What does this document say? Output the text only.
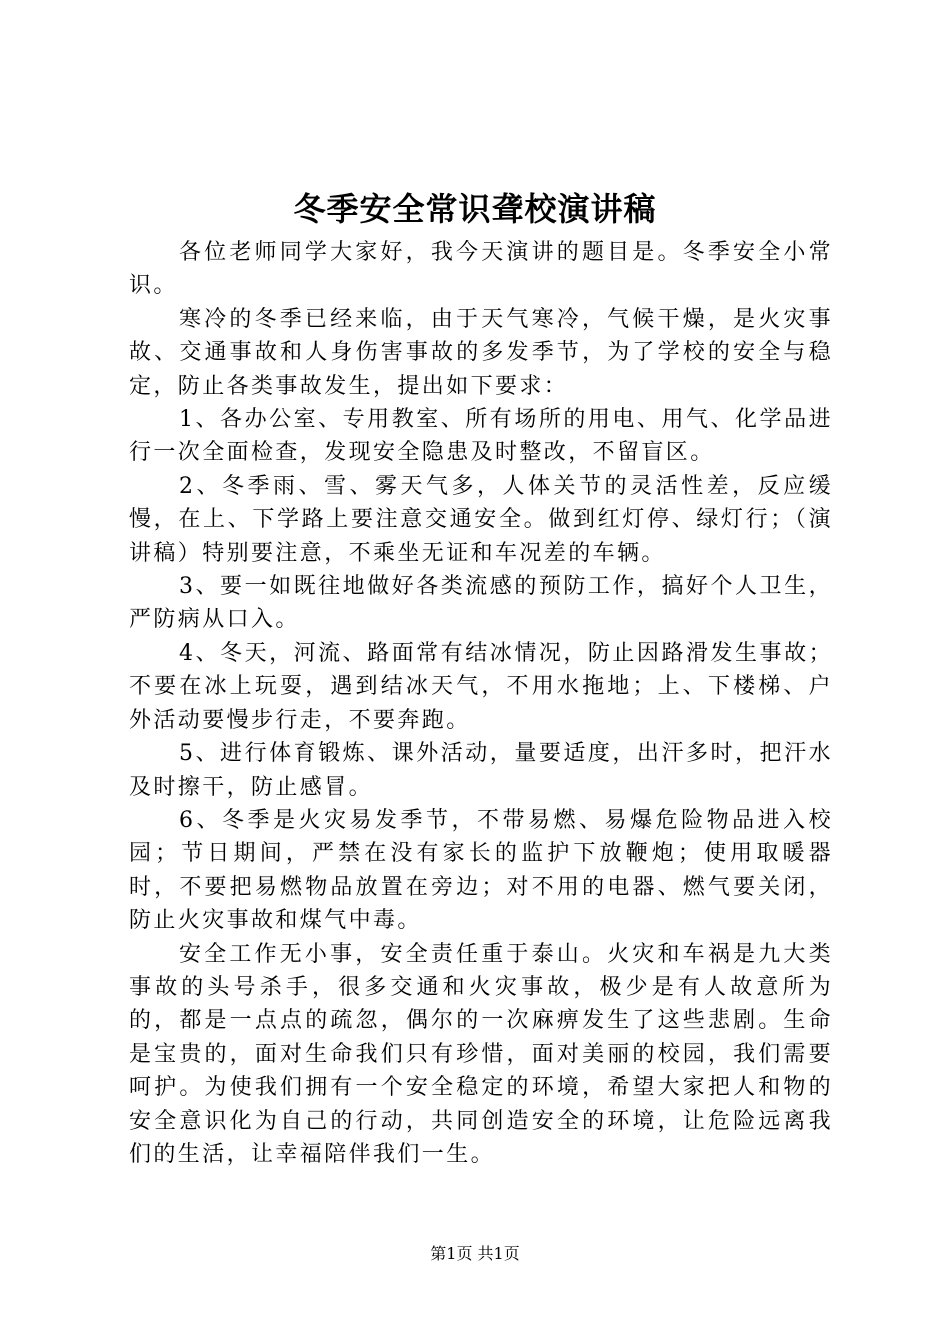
冬季安全常识聋校演讲稿

各位老师同学大家好，我今天演讲的题目是。冬季安全小常识。

寒冷的冬季已经来临，由于天气寒冷，气候干燥，是火灾事故、交通事故和人身伤害事故的多发季节，为了学校的安全与稳定，防止各类事故发生，提出如下要求：

1、各办公室、专用教室、所有场所的用电、用气、化学品进行一次全面检查，发现安全隐患及时整改，不留盲区。

2、冬季雨、雪、雾天气多，人体关节的灵活性差，反应缓慢，在上、下学路上要注意交通安全。做到红灯停、绿灯行；（演讲稿）特别要注意，不乘坐无证和车况差的车辆。

3、要一如既往地做好各类流感的预防工作，搞好个人卫生，严防病从口入。

4、冬天，河流、路面常有结冰情况，防止因路滑发生事故；不要在冰上玩耍，遇到结冰天气，不用水拖地；上、下楼梯、户外活动要慢步行走，不要奔跑。

5、进行体育锻炼、课外活动，量要适度，出汗多时，把汗水及时擦干，防止感冒。

6、冬季是火灾易发季节，不带易燃、易爆危险物品进入校园；节日期间，严禁在没有家长的监护下放鞭炮；使用取暖器时，不要把易燃物品放置在旁边；对不用的电器、燃气要关闭，防止火灾事故和煤气中毒。

安全工作无小事，安全责任重于泰山。火灾和车祸是九大类事故的头号杀手，很多交通和火灾事故，极少是有人故意所为的，都是一点点的疏忽，偶尔的一次麻痹发生了这些悲剧。生命是宝贵的，面对生命我们只有珍惜，面对美丽的校园，我们需要呵护。为使我们拥有一个安全稳定的环境，希望大家把人和物的安全意识化为自己的行动，共同创造安全的环境，让危险远离我们的生活，让幸福陪伴我们一生。

第1页 共1页
